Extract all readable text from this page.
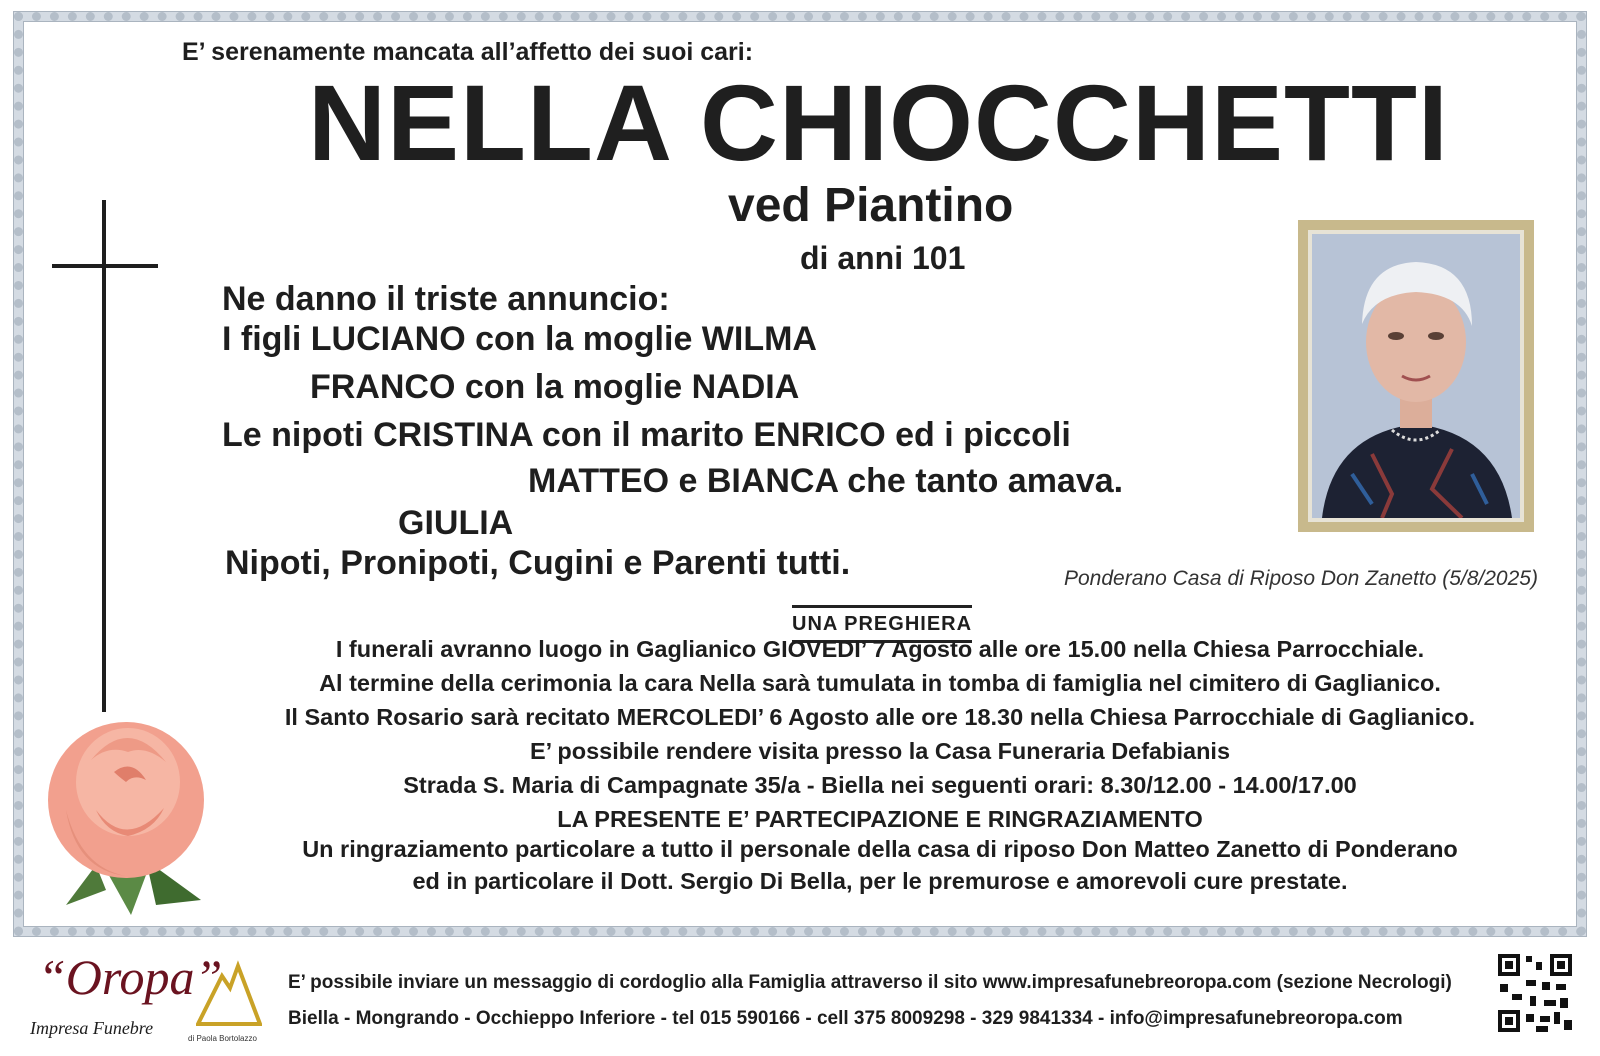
E’ serenamente mancata all’affetto dei suoi cari:
NELLA CHIOCCHETTI
ved Piantino
di anni 101
Ne danno il triste annuncio:
I figli LUCIANO con la moglie WILMA
FRANCO con la moglie NADIA
Le nipoti CRISTINA con il marito ENRICO ed i piccoli
MATTEO e BIANCA che tanto amava.
GIULIA
Nipoti, Pronipoti, Cugini e Parenti tutti.	Ponderano Casa di Riposo Don Zanetto (5/8/2025)
UNA PREGHIERA
I funerali avranno luogo in Gaglianico GIOVEDI’ 7 Agosto alle ore 15.00 nella Chiesa Parrocchiale.
Al termine della cerimonia la cara Nella sarà tumulata in tomba di famiglia nel cimitero di Gaglianico.
Il Santo Rosario sarà recitato MERCOLEDI’ 6 Agosto alle ore 18.30 nella Chiesa Parrocchiale di Gaglianico.
E’ possibile rendere visita presso la Casa Funeraria Defabianis
Strada S. Maria di Campagnate 35/a - Biella nei seguenti orari: 8.30/12.00 - 14.00/17.00
LA PRESENTE E’ PARTECIPAZIONE E RINGRAZIAMENTO
Un ringraziamento particolare a tutto il personale della casa di riposo Don Matteo Zanetto di Ponderano
ed in particolare il Dott. Sergio Di Bella, per le premurose e amorevoli cure prestate.
“Oropa”
Impresa Funebre
di Paola Bortolazzo
E’ possibile inviare un messaggio di cordoglio alla Famiglia attraverso il sito www.impresafunebreoropa.com (sezione Necrologi)
Biella - Mongrando - Occhieppo Inferiore - tel 015 590166 - cell 375 8009298 - 329 9841334 - info@impresafunebreoropa.com
